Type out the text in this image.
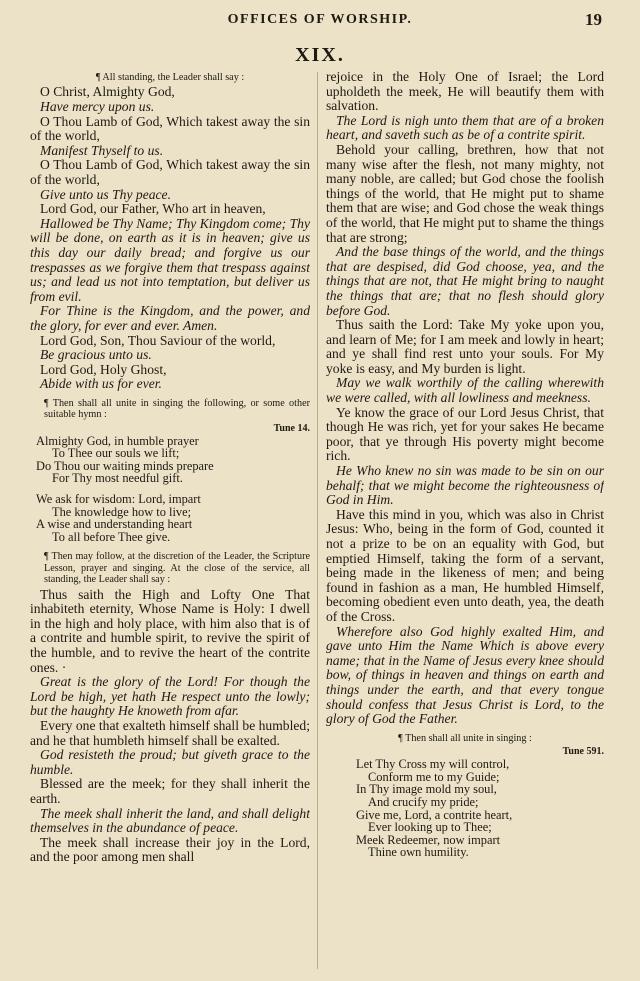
OFFICES OF WORSHIP.	19
XIX.

¶ All standing, the Leader shall say :

O Christ, Almighty God,

Have mercy upon us.

O Thou Lamb of God, Which takest away the sin of the world,

Manifest Thyself to us.

O Thou Lamb of God, Which takest away the sin of the world,

Give unto us Thy peace.

Lord God, our Father, Who art in heaven,

Hallowed be Thy Name; Thy Kingdom come; Thy will be done, on earth as it is in heaven; give us this day our daily bread; and forgive us our trespasses as we forgive them that trespass against us; and lead us not into temptation, but deliver us from evil.

For Thine is the Kingdom, and the power, and the glory, for ever and ever. Amen.

Lord God, Son, Thou Saviour of the world,

Be gracious unto us.

Lord God, Holy Ghost,

Abide with us for ever.

¶ Then shall all unite in singing the following, or some other suitable hymn :

Tune 14.

Almighty God, in humble prayer
To Thee our souls we lift;
Do Thou our waiting minds prepare
For Thy most needful gift.
We ask for wisdom: Lord, impart
The knowledge how to live;
A wise and understanding heart
To all before Thee give.

¶ Then may follow, at the discretion of the Leader, the Scripture Lesson, prayer and singing. At the close of the service, all standing, the Leader shall say :

Thus saith the High and Lofty One That inhabiteth eternity, Whose Name is Holy: I dwell in the high and holy place, with him also that is of a contrite and humble spirit, to revive the spirit of the humble, and to revive the heart of the contrite ones. ·

Great is the glory of the Lord! For though the Lord be high, yet hath He respect unto the lowly; but the haughty He knoweth from afar.

Every one that exalteth himself shall be humbled; and he that humbleth himself shall be exalted.

God resisteth the proud; but giveth grace to the humble.

Blessed are the meek; for they shall inherit the earth.

The meek shall inherit the land, and shall delight themselves in the abundance of peace.

The meek shall increase their joy in the Lord, and the poor among men shall

rejoice in the Holy One of Israel; the Lord upholdeth the meek, He will beautify them with salvation.

The Lord is nigh unto them that are of a broken heart, and saveth such as be of a contrite spirit.

Behold your calling, brethren, how that not many wise after the flesh, not many mighty, not many noble, are called; but God chose the foolish things of the world, that He might put to shame them that are wise; and God chose the weak things of the world, that He might put to shame the things that are strong;

And the base things of the world, and the things that are despised, did God choose, yea, and the things that are not, that He might bring to naught the things that are; that no flesh should glory before God.

Thus saith the Lord: Take My yoke upon you, and learn of Me; for I am meek and lowly in heart; and ye shall find rest unto your souls. For My yoke is easy, and My burden is light.

May we walk worthily of the calling wherewith we were called, with all lowliness and meekness.

Ye know the grace of our Lord Jesus Christ, that though He was rich, yet for your sakes He became poor, that ye through His poverty might become rich.

He Who knew no sin was made to be sin on our behalf; that we might become the righteousness of God in Him.

Have this mind in you, which was also in Christ Jesus: Who, being in the form of God, counted it not a prize to be on an equality with God, but emptied Himself, taking the form of a servant, being made in the likeness of men; and being found in fashion as a man, He humbled Himself, becoming obedient even unto death, yea, the death of the Cross.

Wherefore also God highly exalted Him, and gave unto Him the Name Which is above every name; that in the Name of Jesus every knee should bow, of things in heaven and things on earth and things under the earth, and that every tongue should confess that Jesus Christ is Lord, to the glory of God the Father.

¶ Then shall all unite in singing :

Tune 591.

Let Thy Cross my will control,
Conform me to my Guide;
In Thy image mold my soul,
And crucify my pride;
Give me, Lord, a contrite heart,
Ever looking up to Thee;
Meek Redeemer, now impart
Thine own humility.
